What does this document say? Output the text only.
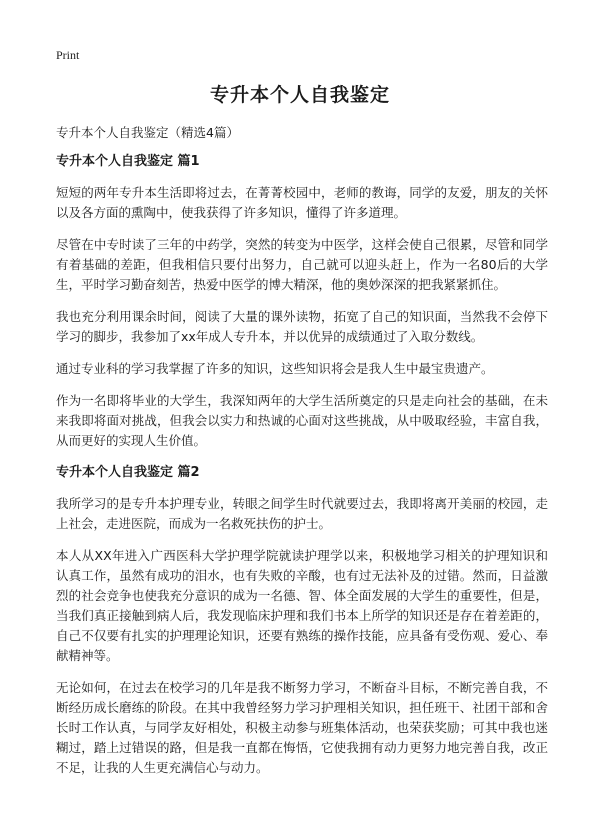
Print
专升本个人自我鉴定

专升本个人自我鉴定（精选4篇）

专升本个人自我鉴定 篇1

短短的两年专升本生活即将过去，在菁菁校园中，老师的教诲，同学的友爱，朋友的关怀以及各方面的熏陶中，使我获得了许多知识，懂得了许多道理。

尽管在中专时读了三年的中药学，突然的转变为中医学，这样会使自己很累，尽管和同学有着基础的差距，但我相信只要付出努力，自己就可以迎头赶上，作为一名80后的大学生，平时学习勤奋刻苦，热爱中医学的博大精深，他的奥妙深深的把我紧紧抓住。

我也充分利用课余时间，阅读了大量的课外读物，拓宽了自己的知识面，当然我不会停下学习的脚步，我参加了xx年成人专升本，并以优异的成绩通过了入取分数线。

通过专业科的学习我掌握了许多的知识，这些知识将会是我人生中最宝贵遗产。

作为一名即将毕业的大学生，我深知两年的大学生活所奠定的只是走向社会的基础，在未来我即将面对挑战，但我会以实力和热诚的心面对这些挑战，从中吸取经验，丰富自我，从而更好的实现人生价值。

专升本个人自我鉴定 篇2

我所学习的是专升本护理专业，转眼之间学生时代就要过去，我即将离开美丽的校园，走上社会，走进医院，而成为一名救死扶伤的护士。

本人从XX年进入广西医科大学护理学院就读护理学以来，积极地学习相关的护理知识和认真工作，虽然有成功的泪水，也有失败的辛酸，也有过无法补及的过错。然而，日益激烈的社会竞争也使我充分意识的成为一名德、智、体全面发展的大学生的重要性，但是，当我们真正接触到病人后，我发现临床护理和我们书本上所学的知识还是存在着差距的，自己不仅要有扎实的护理理论知识，还要有熟练的操作技能，应具备有受伤观、爱心、奉献精神等。

无论如何，在过去在校学习的几年是我不断努力学习，不断奋斗目标，不断完善自我，不断经历成长磨练的阶段。在其中我曾经努力学习护理相关知识，担任班干、社团干部和舍长时工作认真，与同学友好相处，积极主动参与班集体活动，也荣获奖励；可其中我也迷糊过，踏上过错误的路，但是我一直都在悔悟，它使我拥有动力更努力地完善自我，改正不足，让我的人生更充满信心与动力。
